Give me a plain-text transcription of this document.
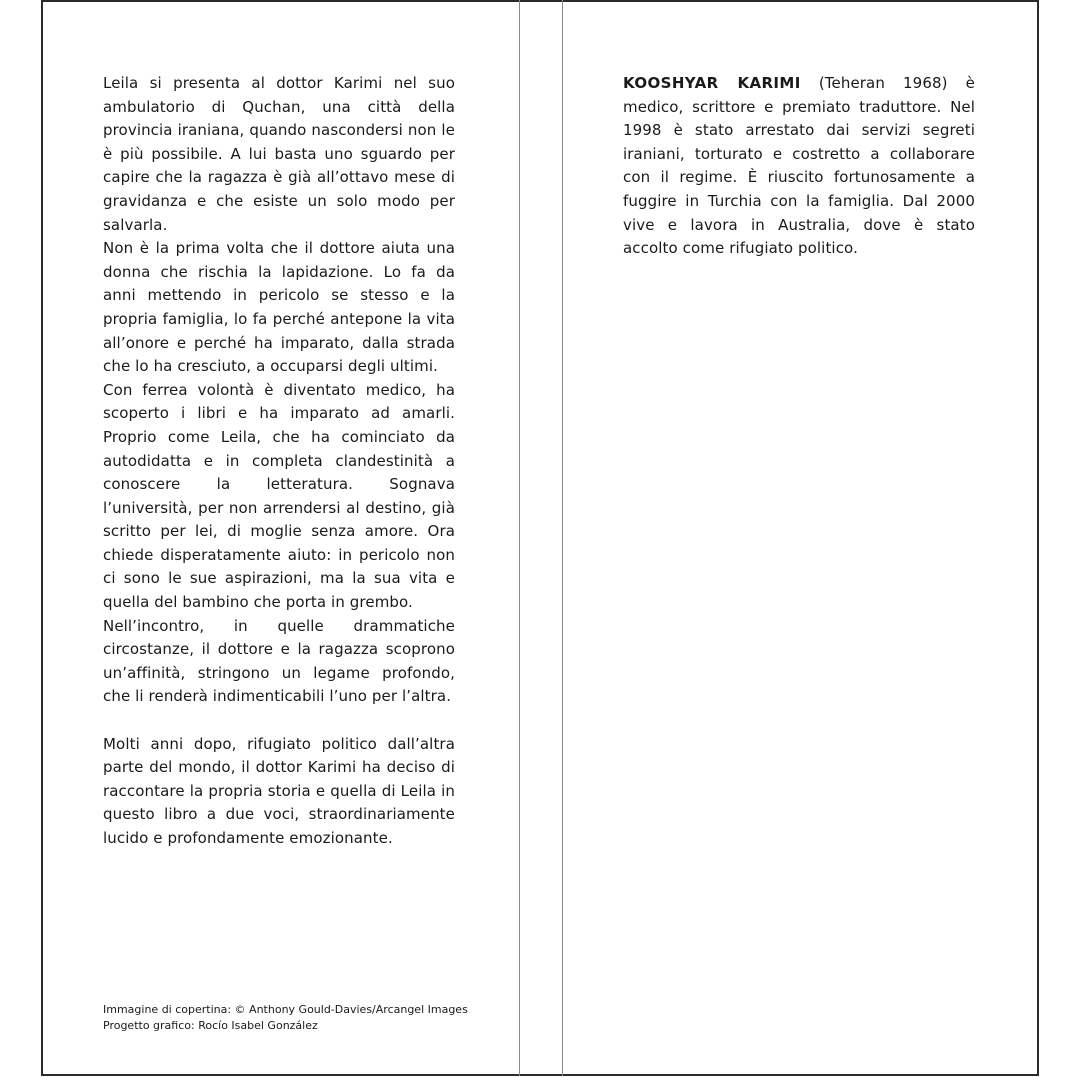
Leila si presenta al dottor Karimi nel suo ambulatorio di Quchan, una città della provincia iraniana, quando nascondersi non le è più possibile. A lui basta uno sguardo per capire che la ragazza è già all’ottavo mese di gravidanza e che esiste un solo modo per salvarla.

Non è la prima volta che il dottore aiuta una donna che rischia la lapidazione. Lo fa da anni mettendo in pericolo se stesso e la propria famiglia, lo fa perché antepone la vita all’onore e perché ha imparato, dalla strada che lo ha cresciuto, a occuparsi degli ultimi.

Con ferrea volontà è diventato medico, ha scoperto i libri e ha imparato ad amarli. Proprio come Leila, che ha cominciato da autodidatta e in completa clandestinità a conoscere la letteratura. Sognava l’università, per non arrendersi al destino, già scritto per lei, di moglie senza amore. Ora chiede disperatamente aiuto: in pericolo non ci sono le sue aspirazioni, ma la sua vita e quella del bambino che porta in grembo.

Nell’incontro, in quelle drammatiche circostanze, il dottore e la ragazza scoprono un’affinità, stringono un legame profondo, che li renderà indimenticabili l’uno per l’altra.

Molti anni dopo, rifugiato politico dall’altra parte del mondo, il dottor Karimi ha deciso di raccontare la propria storia e quella di Leila in questo libro a due voci, straordinariamente lucido e profondamente emozionante.

KOOSHYAR KARIMI (Teheran 1968) è medico, scrittore e premiato traduttore. Nel 1998 è stato arrestato dai servizi segreti iraniani, torturato e costretto a collaborare con il regime. È riuscito fortunosamente a fuggire in Turchia con la famiglia. Dal 2000 vive e lavora in Australia, dove è stato accolto come rifugiato politico.

Immagine di copertina: © Anthony Gould-Davies/Arcangel Images
Progetto grafico: Rocío Isabel González
